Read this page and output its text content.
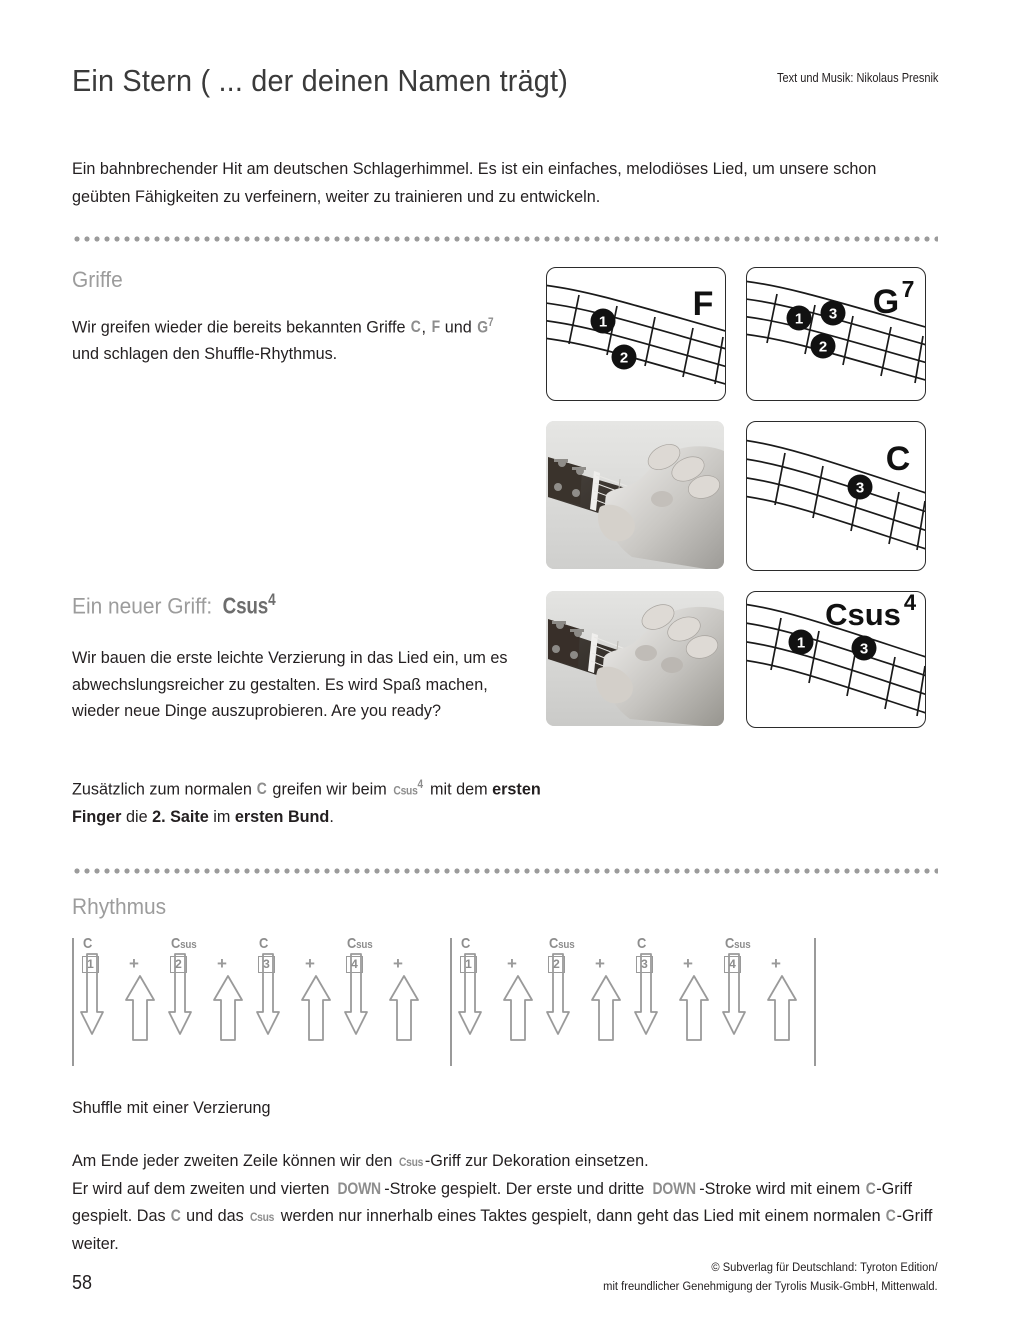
Ein Stern ( ... der deinen Namen trägt)	Text und Musik: Nikolaus Presnik
Ein bahnbrechender Hit am deutschen Schlagerhimmel. Es ist ein einfaches, melodiöses Lied, um unsere schon geübten Fähigkeiten zu verfeinern, weiter zu trainieren und zu entwickeln.
Griffe
Wir greifen wieder die bereits bekannten Griffe C, F und $G^7$ und schlagen den Shuffle-Rhythmus.
1
2
F	1 3
2
G 7
3
C
Ein neuer Griff: Csus$^4$
Wir bauen die erste leichte Verzierung in das Lied ein, um es abwechslungsreicher zu gestalten. Es wird Spaß machen, wieder neue Dinge auszuprobieren. Are you ready?
Zusätzlich zum normalen C greifen wir beim Csus$^4$ mit dem ersten Finger die 2. Saite im ersten Bund.
1	3
Csus 4
Rhythmus
C
1	+
Csus
2	+
C
3	+
Csus
4	+
C
1	+
Csus
2	+
C
3	+
Csus
4	+
Shuffle mit einer Verzierung
Am Ende jeder zweiten Zeile können wir den Csus -Griff zur Dekoration einsetzen.
Er wird auf dem zweiten und vierten DOWN -Stroke gespielt. Der erste und dritte DOWN -Stroke wird mit einem C-Griff gespielt. Das C und das Csus werden nur innerhalb eines Taktes gespielt, dann geht das Lied mit einem normalen C-Griff weiter.
58
© Subverlag für Deutschland: Tyroton Edition/
mit freundlicher Genehmigung der Tyrolis Musik-GmbH, Mittenwald.
